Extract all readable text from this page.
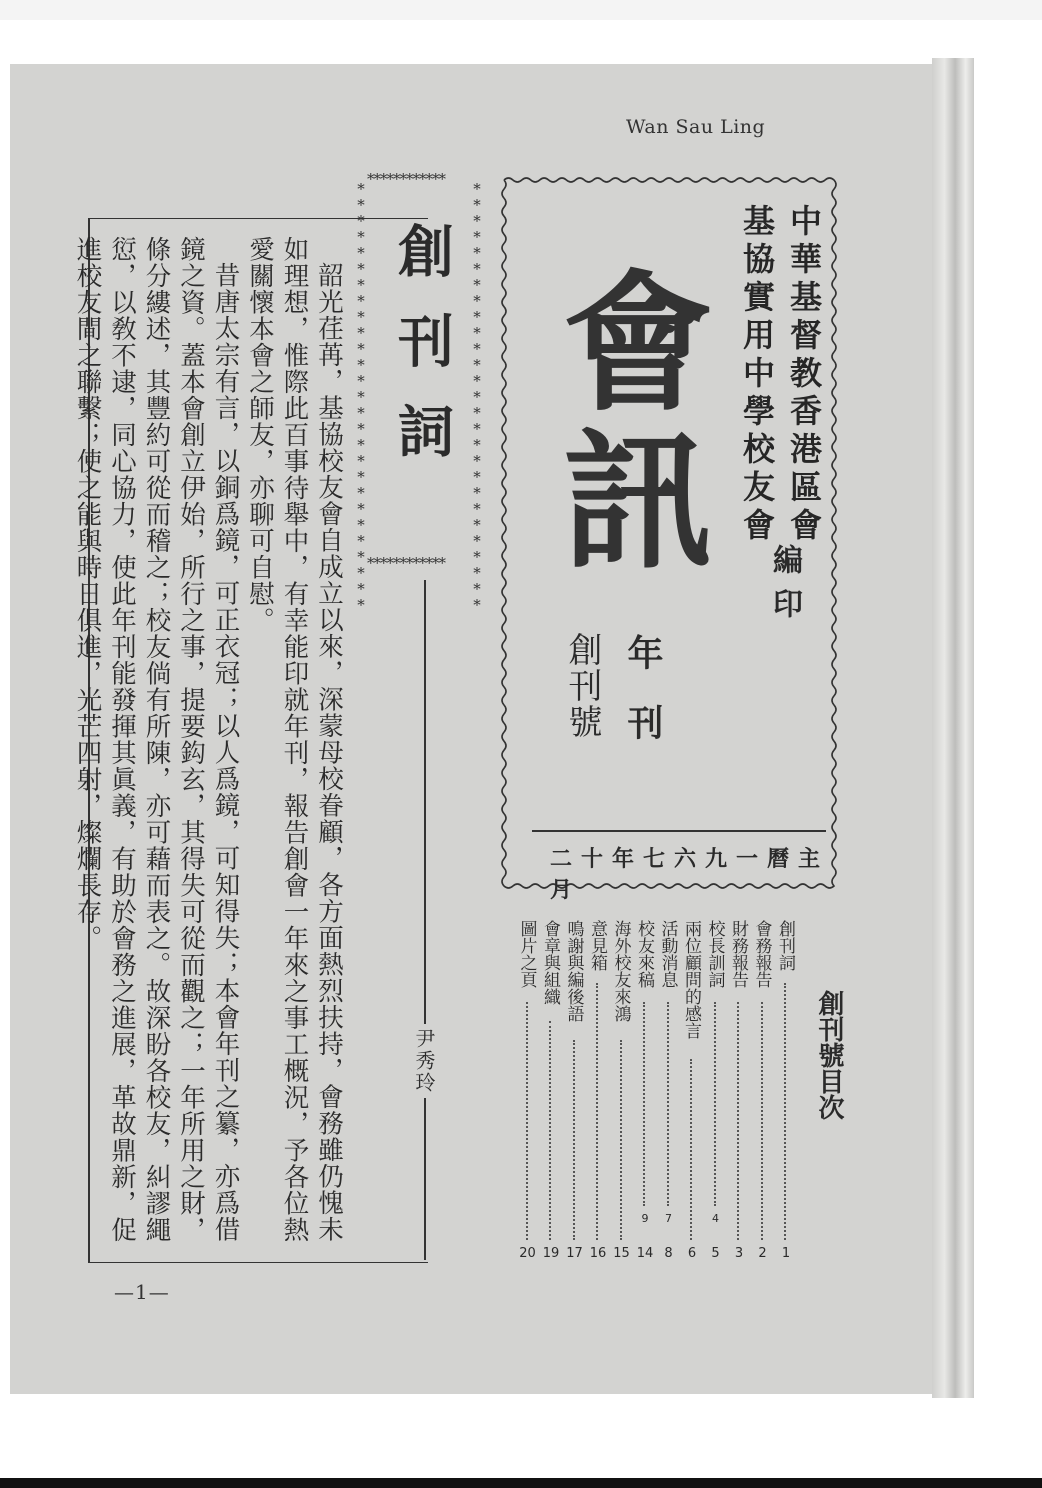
Wan Sau Ling
************
************
***************************	***************************
創刊詞
尹秀玲

韶光荏苒，基協校友會自成立以來，深蒙母校眷顧，各方面熱烈扶持，會務雖仍愧未如理想，惟際此百事待舉中，有幸能印就年刊，報告創會一年來之事工概況，予各位熱愛關懷本會之師友，亦聊可自慰。

昔唐太宗有言，以銅爲鏡，可正衣冠；以人爲鏡，可知得失；本會年刊之纂，亦爲借鏡之資。蓋本會創立伊始，所行之事，提要鈎玄，其得失可從而觀之；一年所用之財，條分縷述，其豐約可從而稽之；校友倘有所陳，亦可藉而表之。故深盼各校友，糾謬繩愆，以敎不逮，同心協力，使此年刊能發揮其眞義，有助於會務之進展，革故鼎新，促進校友間之聯繫；使之能與時日俱進，光芒四射，燦爛長存。

—1—
中華基督教香港區會
基協實用中學校友會
編印
會訊
年刊
創刊號
主曆一九六七年十二月
創刊號目次
創刊詞
1
會務報告
2
財務報告
3
校長訓詞
4
5
兩位顧問的感言
6
活動消息
7
8
校友來稿
9
14
海外校友來鴻
15
意見箱
16
鳴謝與編後語
17
會章與組織
19
圖片之頁
20
